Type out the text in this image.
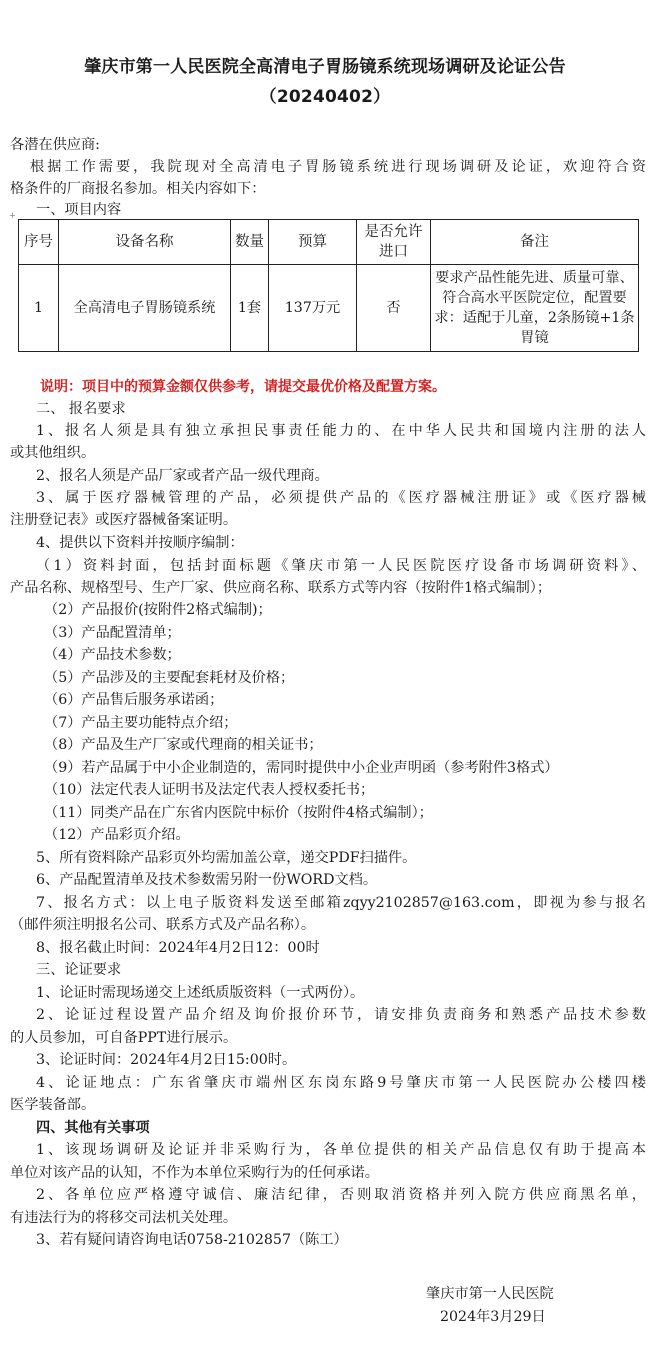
肇庆市第一人民医院全高清电子胃肠镜系统现场调研及论证公告
（20240402）
各潜在供应商:
根据工作需要，我院现对全高清电子胃肠镜系统进行现场调研及论证，欢迎符合资
格条件的厂商报名参加。相关内容如下：
+ 一、项目内容
序号	设备名称	数量	预算	是否允许进口	备注
1	全高清电子胃肠镜系统	1套	137万元	否	要求产品性能先进、质量可靠、符合高水平医院定位，配置要求：适配于儿童，2条肠镜+1条胃镜
说明：项目中的预算金额仅供参考，请提交最优价格及配置方案。
二、 报名要求
1、报名人须是具有独立承担民事责任能力的、在中华人民共和国境内注册的法人
或其他组织。
2、报名人须是产品厂家或者产品一级代理商。
3、属于医疗器械管理的产品，必须提供产品的《医疗器械注册证》或《医疗器械
注册登记表》或医疗器械备案证明。
4、提供以下资料并按顺序编制：
（1）资料封面，包括封面标题《肇庆市第一人民医院医疗设备市场调研资料》、
产品名称、规格型号、生产厂家、供应商名称、联系方式等内容（按附件1格式编制）；
（2）产品报价(按附件2格式编制)；
（3）产品配置清单；
（4）产品技术参数；
（5）产品涉及的主要配套耗材及价格；
（6）产品售后服务承诺函；
（7）产品主要功能特点介绍；
（8）产品及生产厂家或代理商的相关证书；
（9）若产品属于中小企业制造的，需同时提供中小企业声明函（参考附件3格式）
（10）法定代表人证明书及法定代表人授权委托书；
（11）同类产品在广东省内医院中标价（按附件4格式编制）；
（12）产品彩页介绍。
5、所有资料除产品彩页外均需加盖公章，递交PDF扫描件。
6、产品配置清单及技术参数需另附一份WORD文档。
7、报名方式：以上电子版资料发送至邮箱zqyy2102857@163.com，即视为参与报名
（邮件须注明报名公司、联系方式及产品名称）。
8、报名截止时间：2024年4月2日12：00时
三、论证要求
1、论证时需现场递交上述纸质版资料（一式两份）。
2、论证过程设置产品介绍及询价报价环节，请安排负责商务和熟悉产品技术参数
的人员参加，可自备PPT进行展示。
3、论证时间：2024年4月2日15:00时。
4、论证地点：广东省肇庆市端州区东岗东路9号肇庆市第一人民医院办公楼四楼
医学装备部。
四、其他有关事项
1、该现场调研及论证并非采购行为，各单位提供的相关产品信息仅有助于提高本
单位对该产品的认知，不作为本单位采购行为的任何承诺。
2、各单位应严格遵守诚信、廉洁纪律，否则取消资格并列入院方供应商黑名单，
有违法行为的将移交司法机关处理。
3、若有疑问请咨询电话0758-2102857（陈工）
肇庆市第一人民医院
2024年3月29日
